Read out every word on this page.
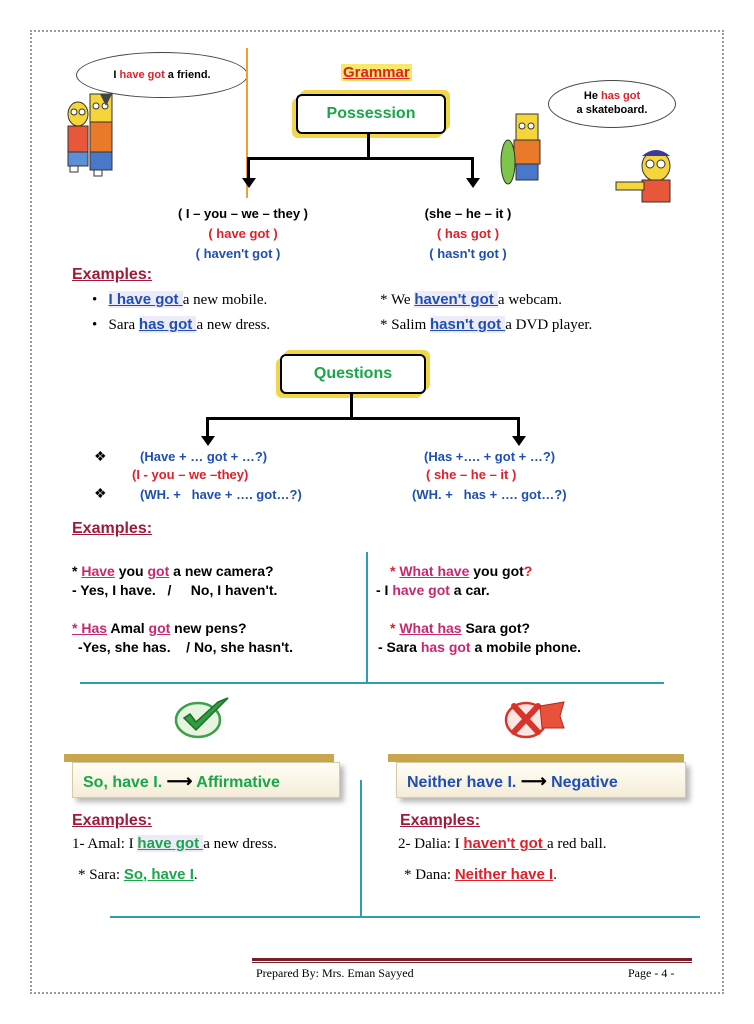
I have got a friend.	Grammar
Possession
He has got
a skateboard.
( I – you – we – they )
( have got )
( haven't got )
(she – he – it )
( has got )
( hasn't got )
Examples:
• I have got a new mobile.
• Sara has got a new dress.
* We haven't got a webcam.
* Salim hasn't got a DVD player.
Questions
❖	(Have + … got + …?)
(I - you – we –they)
❖	(WH. +   have + …. got…?)
(Has +…. + got + …?)
( she – he – it )
(WH. +   has + …. got…?)
Examples:
* Have you got a new camera?
- Yes, I have.   /     No, I haven't.
* Has Amal got new pens?
-Yes, she has.    / No, she hasn't.
* What have you got?
- I have got a car.
* What has Sara got?
- Sara has got a mobile phone.
So, have I. ⟶ Affirmative	Neither have I. ⟶ Negative
Examples:
1- Amal: I have got a new dress.
* Sara: So, have I.
Examples:
2- Dalia: I haven't got a red ball.
* Dana: Neither have I.
Prepared By: Mrs. Eman Sayyed	Page - 4 -
